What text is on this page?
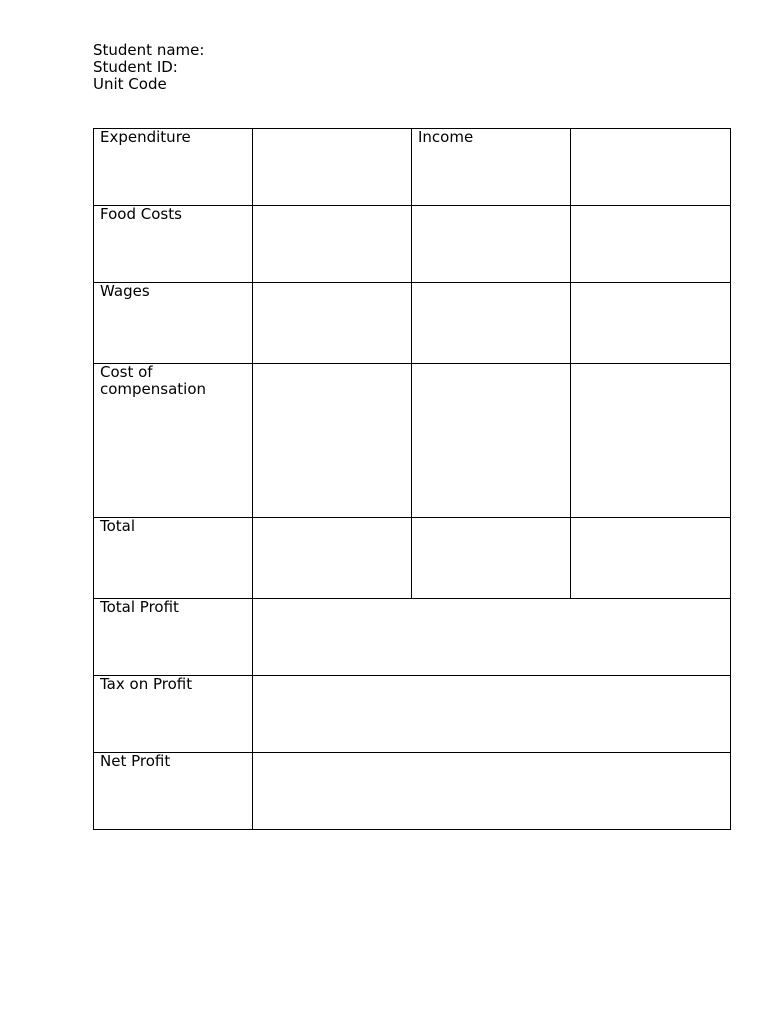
Student name:
Student ID:
Unit Code
Expenditure		Income	

Food Costs			

Wages			

Cost of compensation			

Total			

Total Profit			

Tax on Profit			

Net Profit			
